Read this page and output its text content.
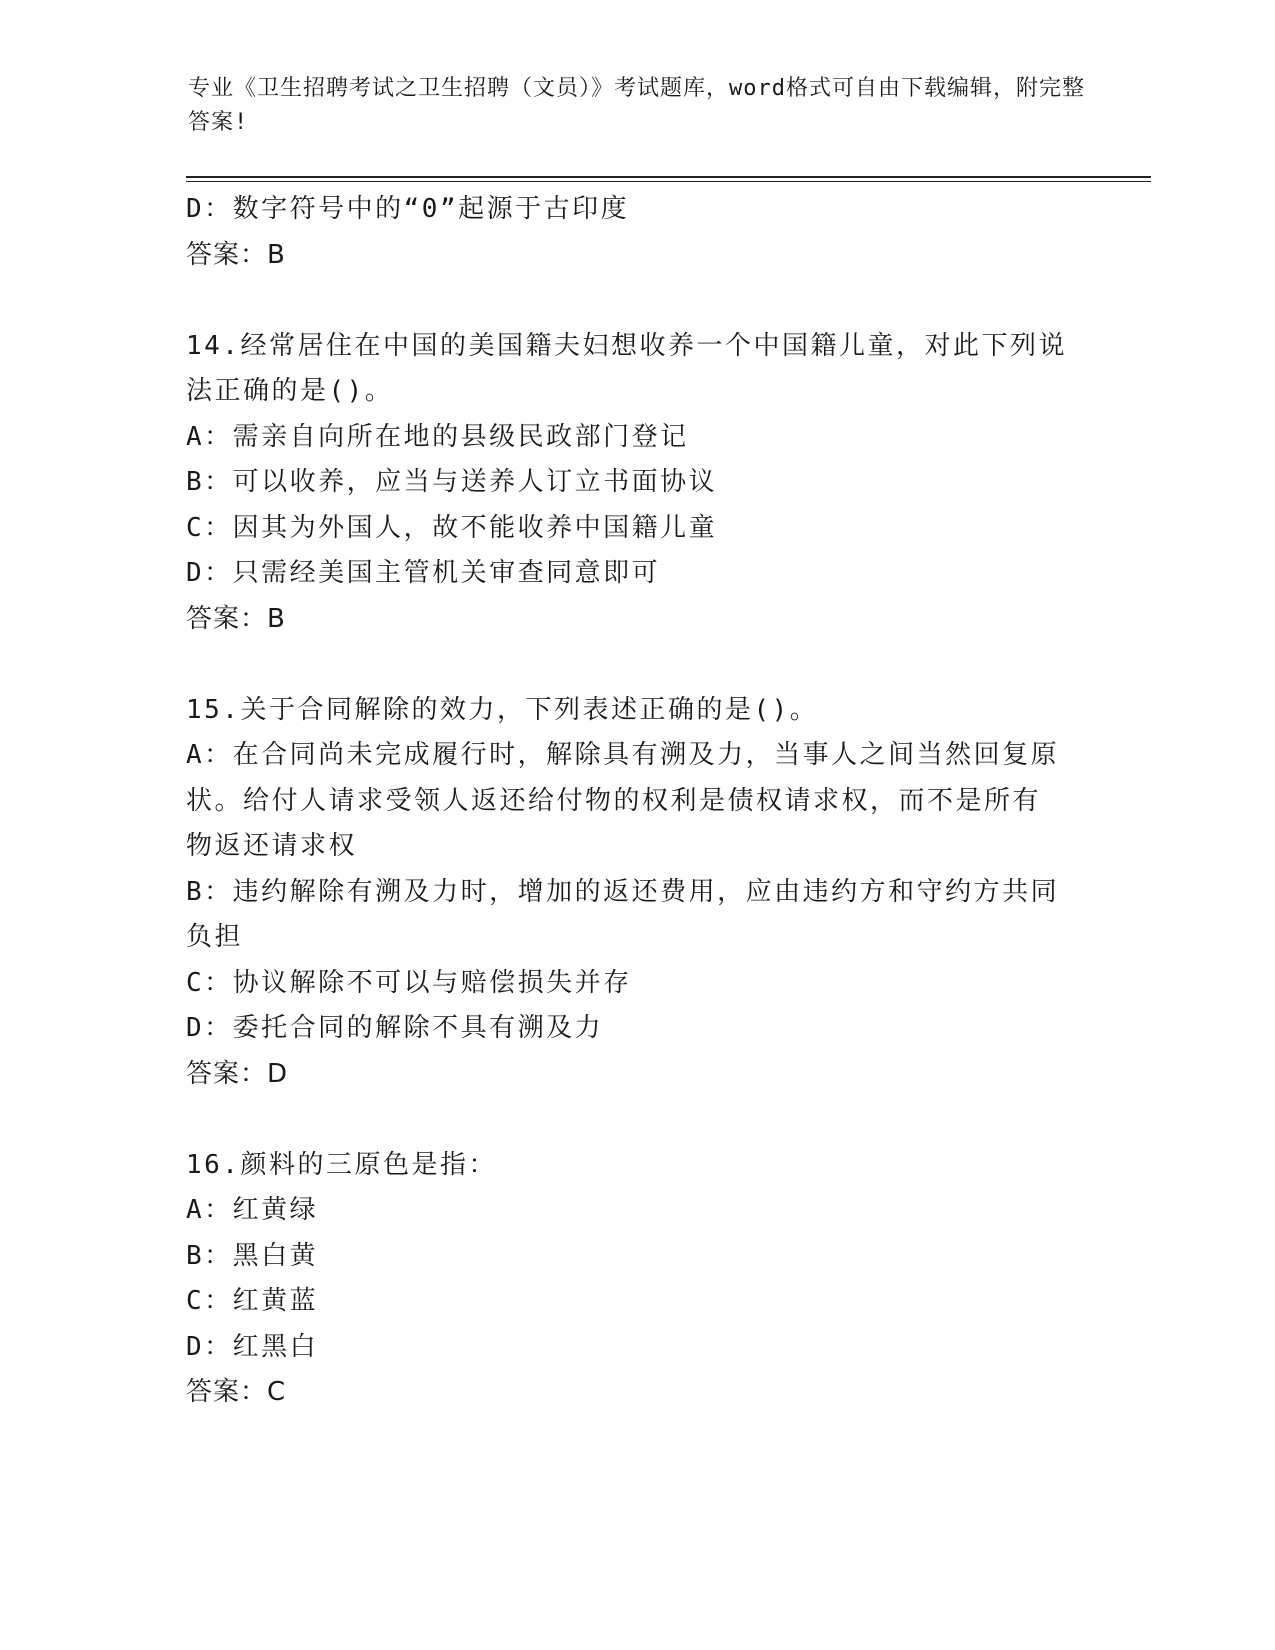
专业《卫生招聘考试之卫生招聘（文员）》考试题库，word格式可自由下载编辑，附完整答案!
D：数字符号中的“0”起源于古印度
答案：B
14.经常居住在中国的美国籍夫妇想收养一个中国籍儿童，对此下列说
法正确的是()。
A：需亲自向所在地的县级民政部门登记
B：可以收养，应当与送养人订立书面协议
C：因其为外国人，故不能收养中国籍儿童
D：只需经美国主管机关审查同意即可
答案：B
15.关于合同解除的效力，下列表述正确的是()。
A：在合同尚未完成履行时，解除具有溯及力，当事人之间当然回复原
状。给付人请求受领人返还给付物的权利是债权请求权，而不是所有
物返还请求权
B：违约解除有溯及力时，增加的返还费用，应由违约方和守约方共同
负担
C：协议解除不可以与赔偿损失并存
D：委托合同的解除不具有溯及力
答案：D
16.颜料的三原色是指：
A：红黄绿
B：黑白黄
C：红黄蓝
D：红黑白
答案：C
